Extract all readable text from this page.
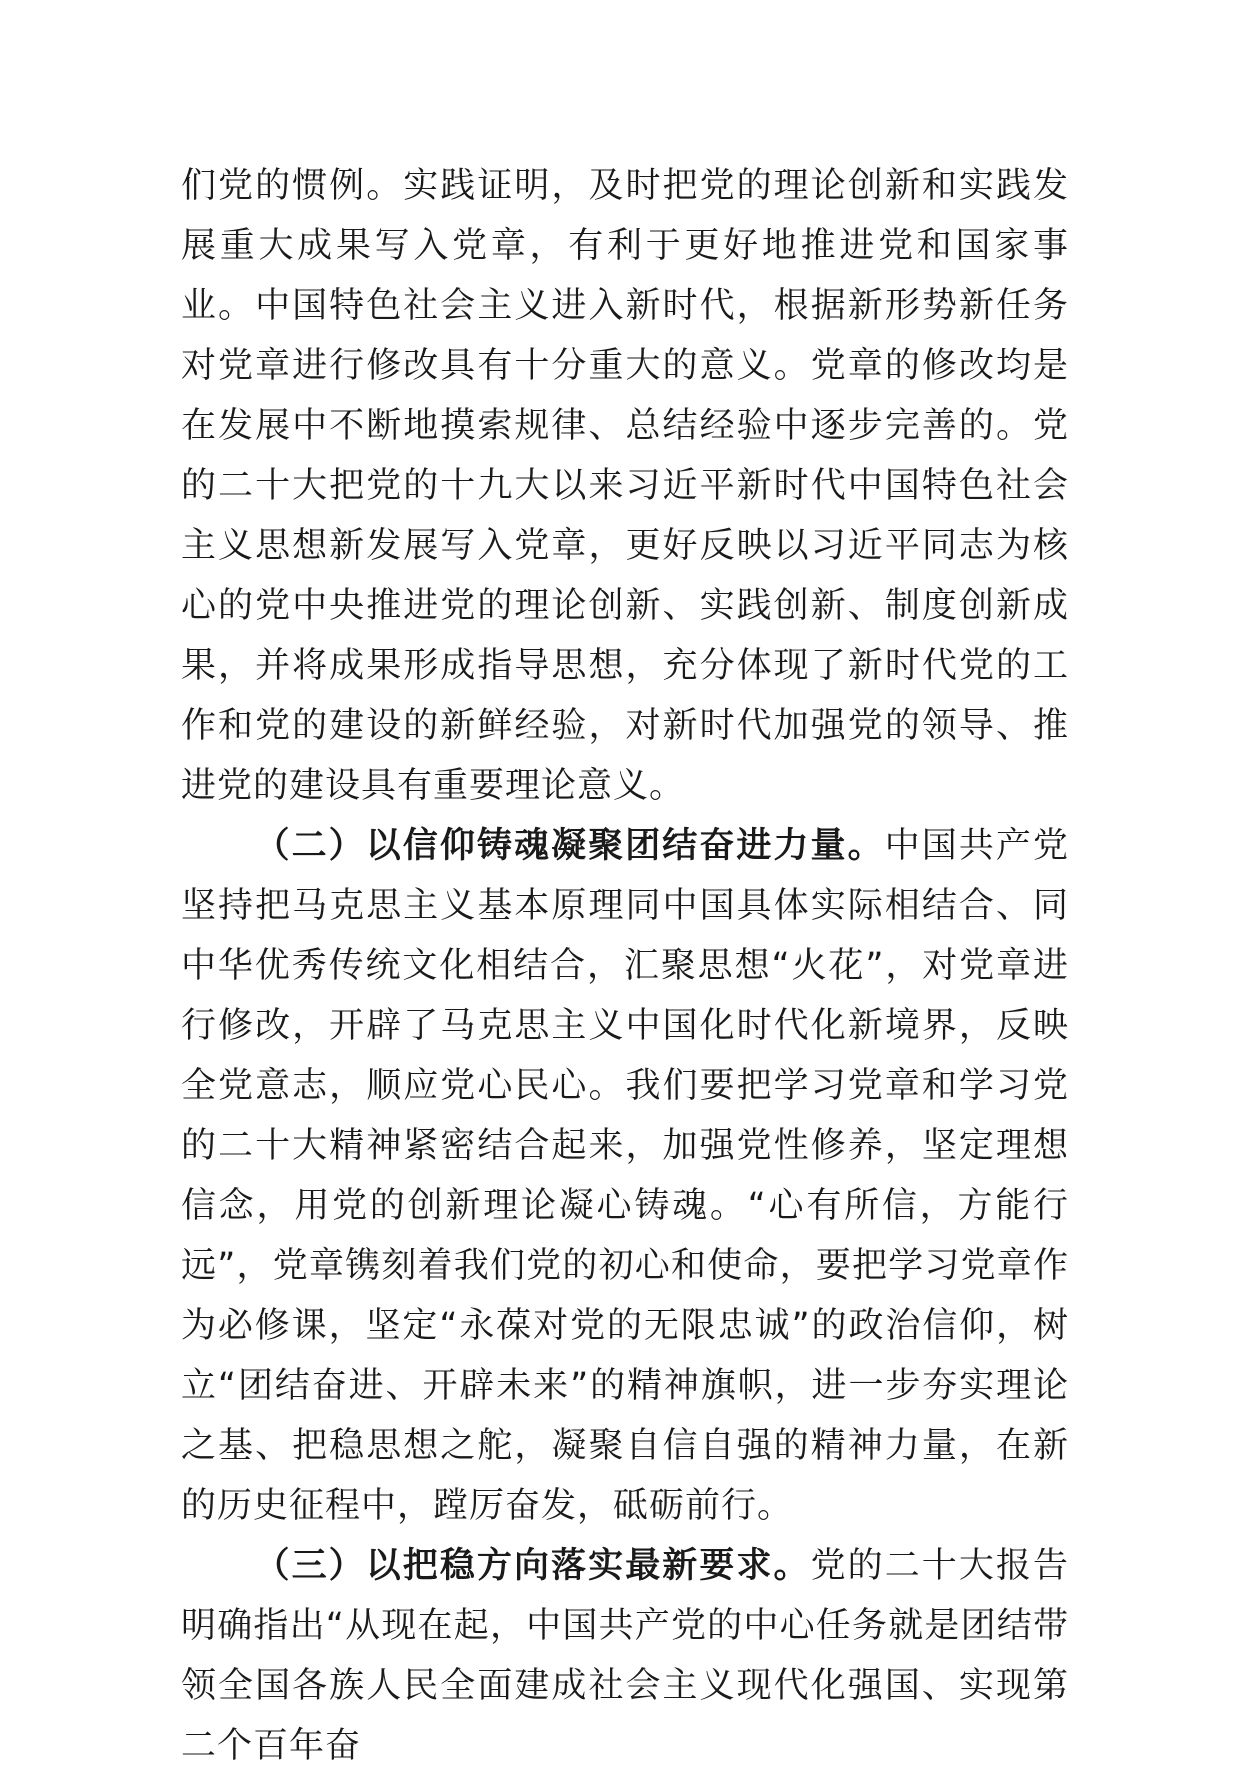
们党的惯例。实践证明，及时把党的理论创新和实践发展重大成果写入党章，有利于更好地推进党和国家事业。中国特色社会主义进入新时代，根据新形势新任务对党章进行修改具有十分重大的意义。党章的修改均是在发展中不断地摸索规律、总结经验中逐步完善的。党的二十大把党的十九大以来习近平新时代中国特色社会主义思想新发展写入党章，更好反映以习近平同志为核心的党中央推进党的理论创新、实践创新、制度创新成果，并将成果形成指导思想，充分体现了新时代党的工作和党的建设的新鲜经验，对新时代加强党的领导、推进党的建设具有重要理论意义。

（二）以信仰铸魂凝聚团结奋进力量。中国共产党坚持把马克思主义基本原理同中国具体实际相结合、同中华优秀传统文化相结合，汇聚思想“火花”，对党章进行修改，开辟了马克思主义中国化时代化新境界，反映全党意志，顺应党心民心。我们要把学习党章和学习党的二十大精神紧密结合起来，加强党性修养，坚定理想信念，用党的创新理论凝心铸魂。“心有所信，方能行远”，党章镌刻着我们党的初心和使命，要把学习党章作为必修课，坚定“永葆对党的无限忠诚”的政治信仰，树立“团结奋进、开辟未来”的精神旗帜，进一步夯实理论之基、把稳思想之舵，凝聚自信自强的精神力量，在新的历史征程中，蹚厉奋发，砥砺前行。

（三）以把稳方向落实最新要求。党的二十大报告明确指出“从现在起，中国共产党的中心任务就是团结带领全国各族人民全面建成社会主义现代化强国、实现第二个百年奋
